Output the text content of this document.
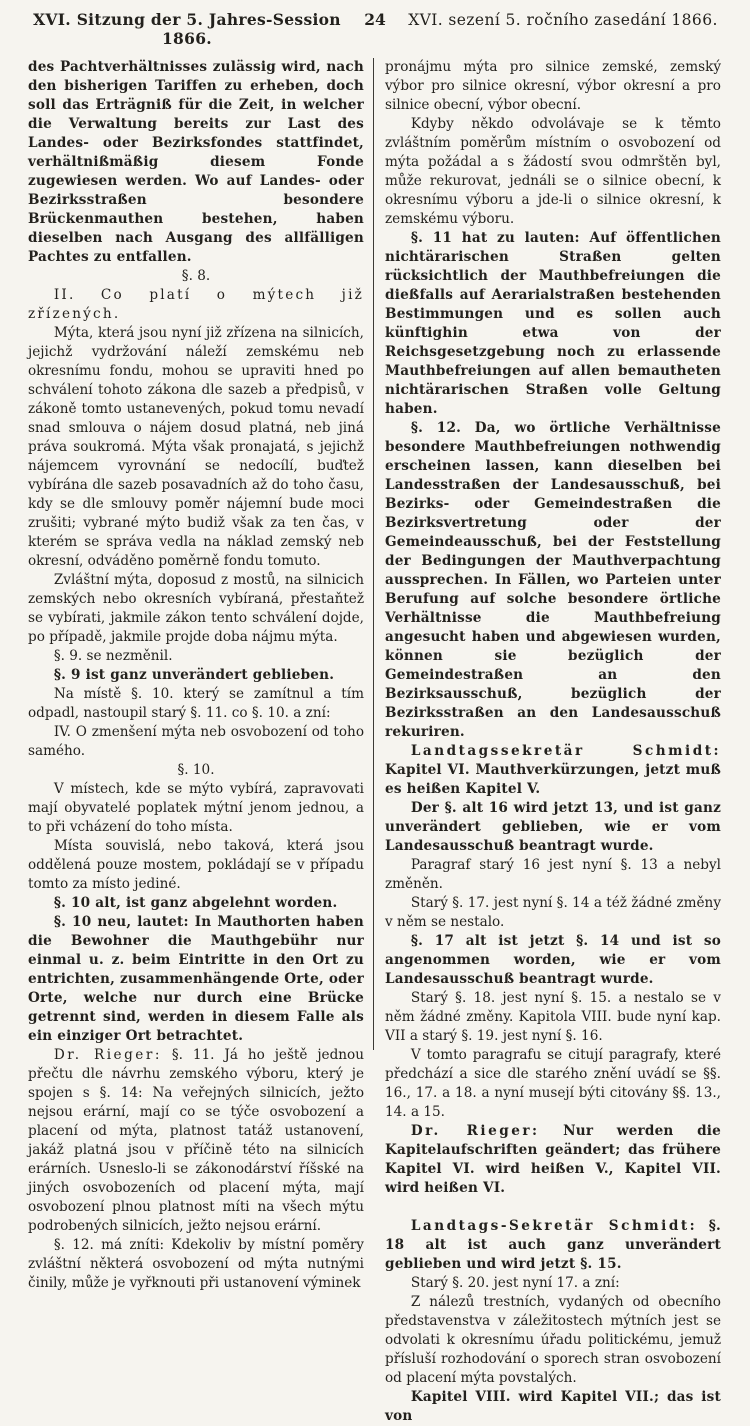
XVI. Sitzung der 5. Jahres-Session 1866.
24	XVI. sezení 5. ročního zasedání 1866.

des Pachtverhältnisses zulässig wird, nach den bisherigen Tariffen zu erheben, doch soll das Erträgniß für die Zeit, in welcher die Verwaltung bereits zur Last des Landes- oder Bezirksfondes stattfindet, verhältnißmäßig diesem Fonde zugewiesen werden. Wo auf Landes- oder Bezirksstraßen besondere Brückenmauthen bestehen, haben dieselben nach Ausgang des allfälligen Pachtes zu entfallen.

§. 8.

II. Co platí o mýtech již zřízených.

Mýta, která jsou nyní již zřízena na silnicích, jejichž vydržování náleží zemskému neb okresnímu fondu, mohou se upraviti hned po schválení tohoto zákona dle sazeb a předpisů, v zákoně tomto ustanevených, pokud tomu nevadí snad smlouva o nájem dosud platná, neb jiná práva soukromá. Mýta však pronajatá, s jejichž nájemcem vyrovnání se nedocílí, buďtež vybírána dle sazeb posavadních až do toho času, kdy se dle smlouvy poměr nájemní bude moci zrušiti; vybrané mýto budiž však za ten čas, v kterém se správa vedla na náklad zemský neb okresní, odváděno poměrně fondu tomuto.

Zvláštní mýta, doposud z mostů, na silnicich zemských nebo okresních vybíraná, přestaňtež se vybírati, jakmile zákon tento schválení dojde, po případě, jakmile projde doba nájmu mýta.

§. 9. se nezměnil.

§. 9 ist ganz unverändert geblieben.

Na místě §. 10. který se zamítnul a tím odpadl, nastoupil starý §. 11. co §. 10. a zní:

IV. O zmenšení mýta neb osvobození od toho samého.

§. 10.

V místech, kde se mýto vybírá, zapravovati mají obyvatelé poplatek mýtní jenom jednou, a to při vcházení do toho místa.

Místa souvislá, nebo taková, která jsou oddělená pouze mostem, pokládají se v případu tomto za místo jediné.

§. 10 alt, ist ganz abgelehnt worden.

§. 10 neu, lautet: In Mauthorten haben die Bewohner die Mauthgebühr nur einmal u. z. beim Eintritte in den Ort zu entrichten, zusammenhängende Orte, oder Orte, welche nur durch eine Brücke getrennt sind, werden in diesem Falle als ein einziger Ort betrachtet.

Dr. Rieger: §. 11. Já ho ještě jednou přečtu dle návrhu zemského výboru, který je spojen s §. 14: Na veřejných silnicích, ježto nejsou erární, mají co se týče osvobození a placení od mýta, platnost tatáž ustanovení, jakáž platná jsou v příčině této na silnicích erárních. Usneslo-li se zákonodárství říšské na jiných osvobozeních od placení mýta, mají osvobození plnou platnost míti na všech mýtu podrobených silnicích, ježto nejsou erární.

§. 12. má zníti: Kdekoliv by místní poměry zvláštní některá osvobození od mýta nutnými činily, může je vyřknouti při ustanovení výminek

pronájmu mýta pro silnice zemské, zemský výbor pro silnice okresní, výbor okresní a pro silnice obecní, výbor obecní.

Kdyby někdo odvolávaje se k těmto zvláštním poměrům místním o osvobození od mýta požádal a s žádostí svou odmrštěn byl, může rekurovat, jednáli se o silnice obecní, k okresnímu výboru a jde-li o silnice okresní, k zemskému výboru.

§. 11 hat zu lauten: Auf öffentlichen nichtärarischen Straßen gelten rücksichtlich der Mauthbefreiungen die dießfalls auf Aerarialstraßen bestehenden Bestimmungen und es sollen auch künftighin etwa von der Reichsgesetzgebung noch zu erlassende Mauthbefreiungen auf allen bemautheten nichtärarischen Straßen volle Geltung haben.

§. 12. Da, wo örtliche Verhältnisse besondere Mauthbefreiungen nothwendig erscheinen lassen, kann dieselben bei Landesstraßen der Landesausschuß, bei Bezirks- oder Gemeindestraßen die Bezirksvertretung oder der Gemeindeausschuß, bei der Feststellung der Bedingungen der Mauthverpachtung aussprechen. In Fällen, wo Parteien unter Berufung auf solche besondere örtliche Verhältnisse die Mauthbefreiung angesucht haben und abgewiesen wurden, können sie bezüglich der Gemeindestraßen an den Bezirksausschuß, bezüglich der Bezirksstraßen an den Landesausschuß rekuriren.

Landtagssekretär Schmidt: Kapitel VI. Mauthverkürzungen, jetzt muß es heißen Kapitel V.

Der §. alt 16 wird jetzt 13, und ist ganz unverändert geblieben, wie er vom Landesausschuß beantragt wurde.

Paragraf starý 16 jest nyní §. 13 a nebyl změněn.

Starý §. 17. jest nyní §. 14 a též žádné změny v něm se nestalo.

§. 17 alt ist jetzt §. 14 und ist so angenommen worden, wie er vom Landesausschuß beantragt wurde.

Starý §. 18. jest nyní §. 15. a nestalo se v něm žádné změny. Kapitola VIII. bude nyní kap. VII a starý §. 19. jest nyní §. 16.

V tomto paragrafu se citují paragrafy, které předchází a sice dle starého znění uvádí se §§. 16., 17. a 18. a nyní musejí býti citovány §§. 13., 14. a 15.

Dr. Rieger: Nur werden die Kapitelaufschriften geändert; das frühere Kapitel VI. wird heißen V., Kapitel VII. wird heißen VI.

Landtags-Sekretär Schmidt: §. 18 alt ist auch ganz unverändert geblieben und wird jetzt §. 15.

Starý §. 20. jest nyní 17. a zní:

Z nálezů trestních, vydaných od obecního představenstva v záležitostech mýtních jest se odvolati k okresnímu úřadu politickému, jemuž přísluší rozhodování o sporech stran osvobození od placení mýta povstalých.

Kapitel VIII. wird Kapitel VII.; das ist von
